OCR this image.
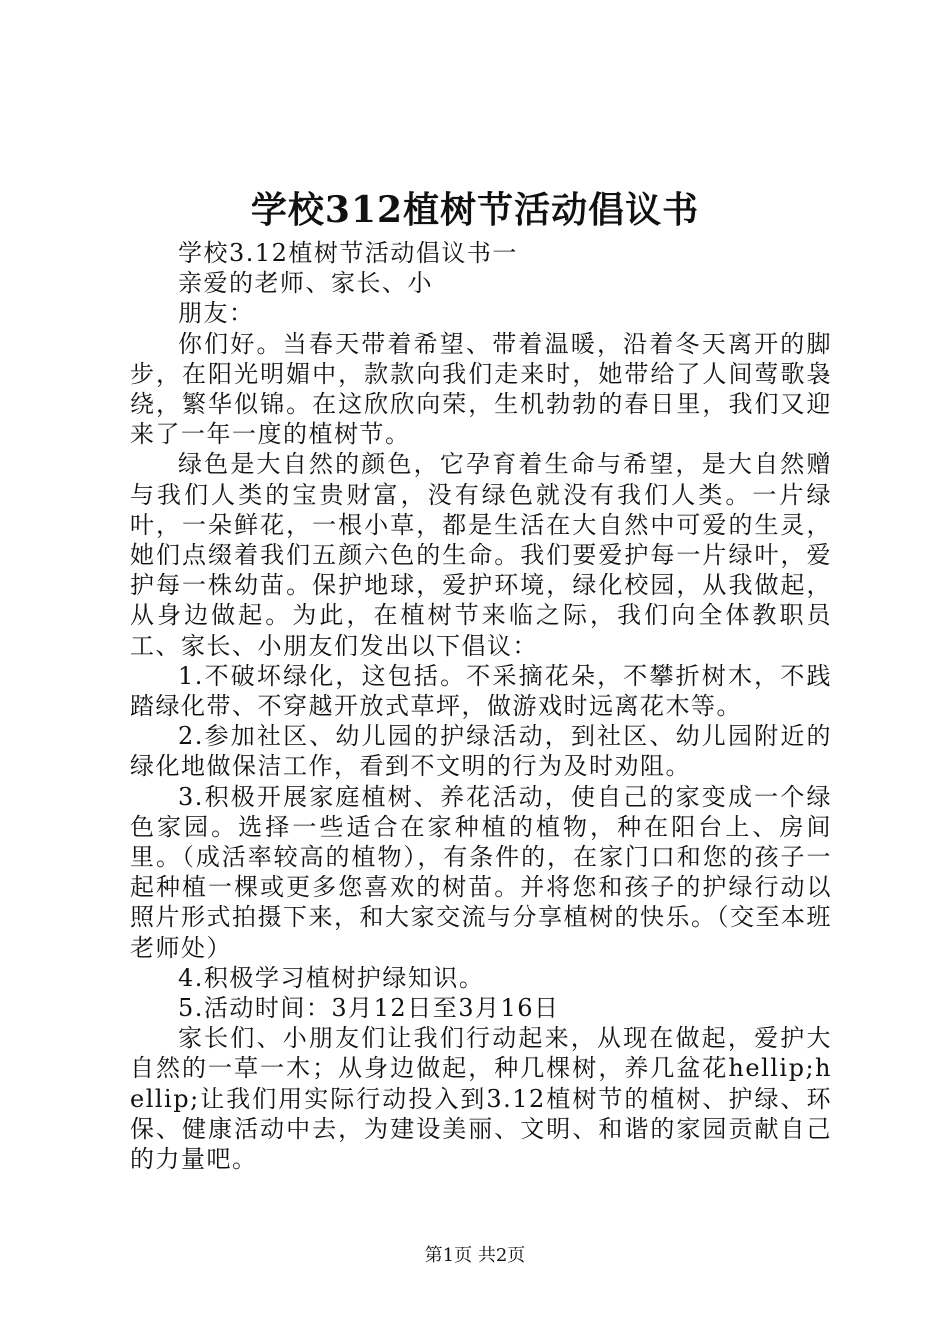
学校312植树节活动倡议书

学校3.12植树节活动倡议书一

亲爱的老师、家长、小

朋友：

你们好。当春天带着希望、带着温暖，沿着冬天离开的脚步，在阳光明媚中，款款向我们走来时，她带给了人间莺歌袅绕，繁华似锦。在这欣欣向荣，生机勃勃的春日里，我们又迎来了一年一度的植树节。

绿色是大自然的颜色，它孕育着生命与希望，是大自然赠与我们人类的宝贵财富，没有绿色就没有我们人类。一片绿叶，一朵鲜花，一根小草，都是生活在大自然中可爱的生灵，她们点缀着我们五颜六色的生命。我们要爱护每一片绿叶，爱护每一株幼苗。保护地球，爱护环境，绿化校园，从我做起，从身边做起。为此，在植树节来临之际，我们向全体教职员工、家长、小朋友们发出以下倡议：

1.不破坏绿化，这包括。不采摘花朵，不攀折树木，不践踏绿化带、不穿越开放式草坪，做游戏时远离花木等。

2.参加社区、幼儿园的护绿活动，到社区、幼儿园附近的绿化地做保洁工作，看到不文明的行为及时劝阻。

3.积极开展家庭植树、养花活动，使自己的家变成一个绿色家园。选择一些适合在家种植的植物，种在阳台上、房间里。（成活率较高的植物），有条件的，在家门口和您的孩子一起种植一棵或更多您喜欢的树苗。并将您和孩子的护绿行动以照片形式拍摄下来，和大家交流与分享植树的快乐。（交至本班老师处）

4.积极学习植树护绿知识。

5.活动时间：3月12日至3月16日

家长们、小朋友们让我们行动起来，从现在做起，爱护大自然的一草一木；从身边做起，种几棵树，养几盆花hellip;hellip;让我们用实际行动投入到3.12植树节的植树、护绿、环保、健康活动中去，为建设美丽、文明、和谐的家园贡献自己的力量吧。

第1页 共2页
